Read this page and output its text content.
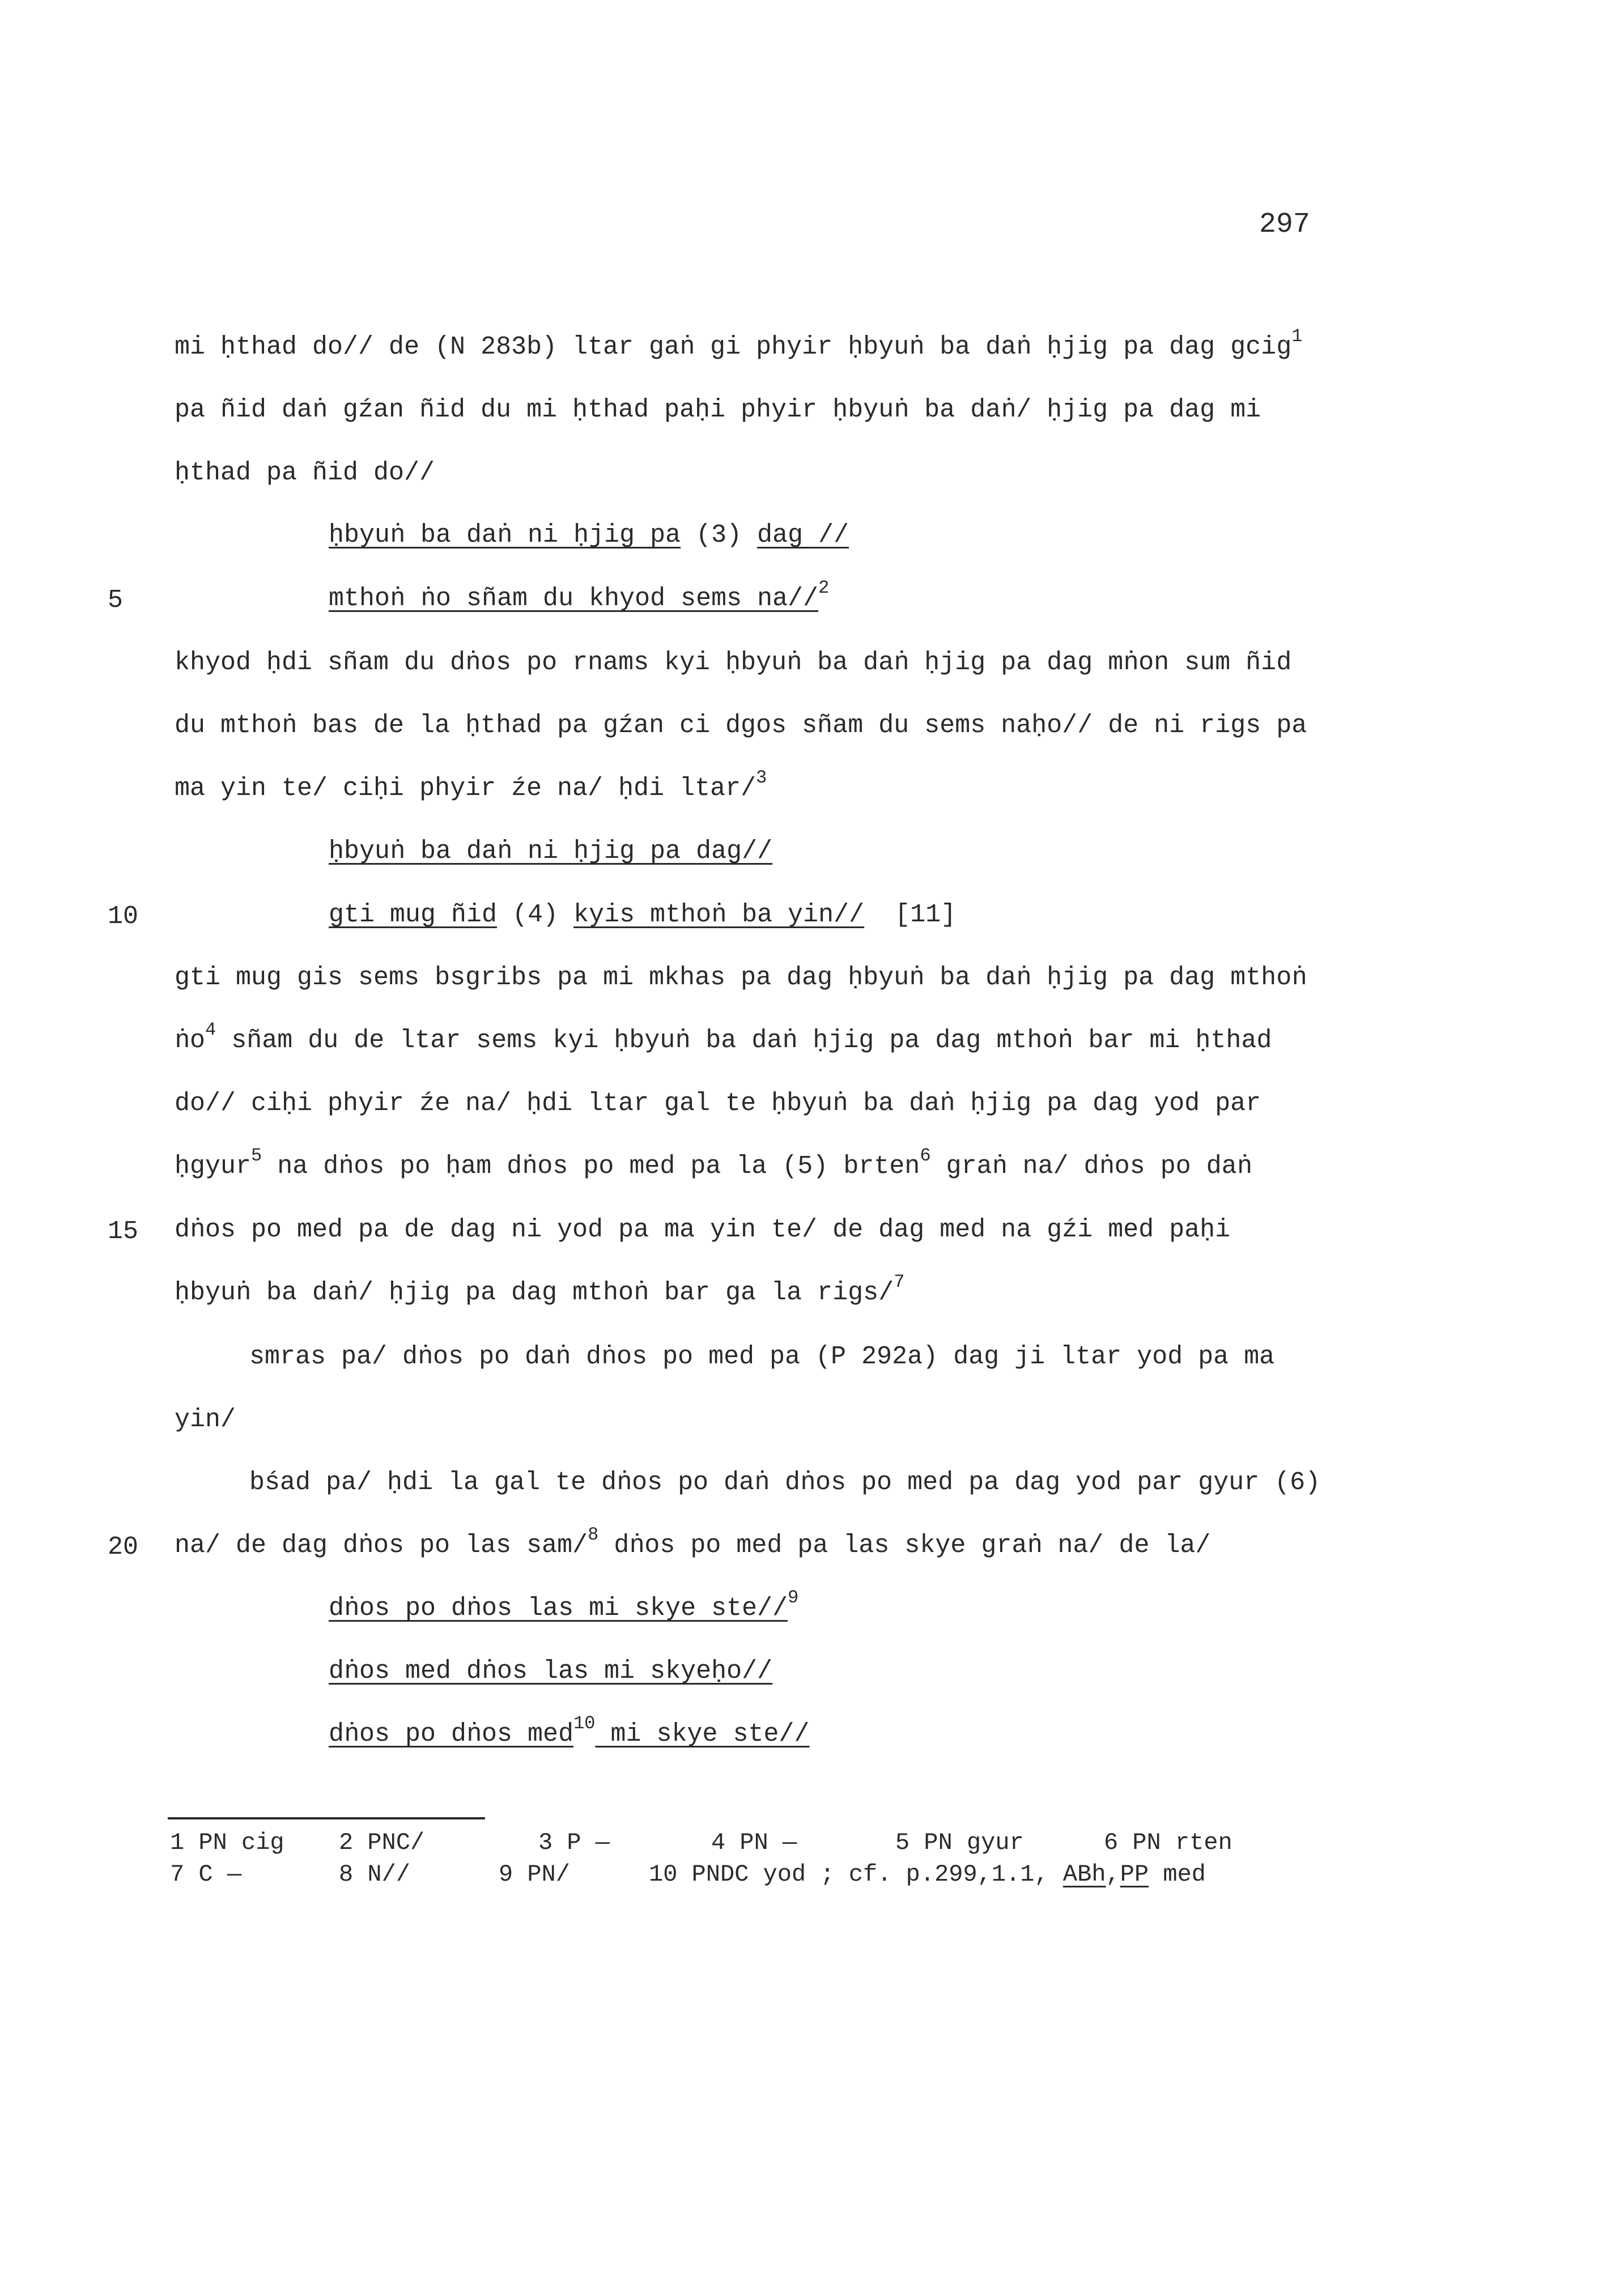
297
mi ḥthad do// de (N 283b) ltar gaṅ gi phyir ḥbyuṅ ba daṅ ḥjig pa dag gcig$^1$
pa ñid daṅ gźan ñid du mi ḥthad paḥi phyir ḥbyuṅ ba daṅ/ ḥjig pa dag mi
ḥthad pa ñid do//
ḥbyuṅ ba daṅ ni ḥjig pa (3) dag //
5	mthoṅ ṅo sñam du khyod sems na//$^2$
khyod ḥdi sñam du dṅos po rnams kyi ḥbyuṅ ba daṅ ḥjig pa dag mṅon sum ñid
du mthoṅ bas de la ḥthad pa gźan ci dgos sñam du sems naḥo// de ni rigs pa
ma yin te/ ciḥi phyir źe na/ ḥdi ltar/$^3$
ḥbyuṅ ba daṅ ni ḥjig pa dag//
10	gti mug ñid (4) kyis mthoṅ ba yin//  [11]
gti mug gis sems bsgribs pa mi mkhas pa dag ḥbyuṅ ba daṅ ḥjig pa dag mthoṅ
ṅo$^4$ sñam du de ltar sems kyi ḥbyuṅ ba daṅ ḥjig pa dag mthoṅ bar mi ḥthad
do// ciḥi phyir źe na/ ḥdi ltar gal te ḥbyuṅ ba daṅ ḥjig pa dag yod par
ḥgyur$^5$ na dṅos po ḥam dṅos po med pa la (5) brten$^6$ graṅ na/ dṅos po daṅ
15 dṅos po med pa de dag ni yod pa ma yin te/ de dag med na gźi med paḥi
ḥbyuṅ ba daṅ/ ḥjig pa dag mthoṅ bar ga la rigs/$^7$
smras pa/ dṅos po daṅ dṅos po med pa (P 292a) dag ji ltar yod pa ma
yin/
bśad pa/ ḥdi la gal te dṅos po daṅ dṅos po med pa dag yod par gyur (6)
20 na/ de dag dṅos po las sam/$^8$ dṅos po med pa las skye graṅ na/ de la/
dṅos po dṅos las mi skye ste//$^9$
dṅos med dṅos las mi skyeḥo//
dṅos po dṅos med$^{10}$ mi skye ste//
1 PN cig 2 PNC/	3 P —	4 PN —	5 PN gyur	6 PN rten
7 C —	8 N//	9 PN/	10 PNDC yod ; cf. p.299,1.1, ABh,PP med
